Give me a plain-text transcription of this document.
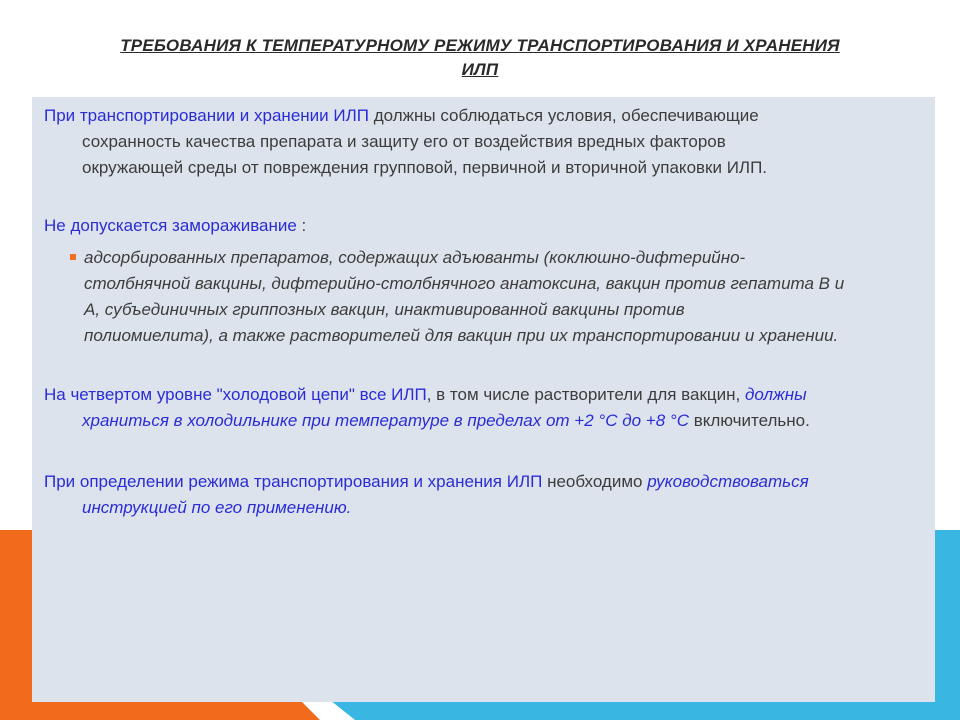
ТРЕБОВАНИЯ К ТЕМПЕРАТУРНОМУ РЕЖИМУ ТРАНСПОРТИРОВАНИЯ И ХРАНЕНИЯ
ИЛП
При транспортировании и хранении ИЛП должны соблюдаться условия, обеспечивающие
сохранность качества препарата и защиту его от воздействия вредных факторов
окружающей среды от повреждения групповой, первичной и вторичной упаковки ИЛП.
Не допускается замораживание :
адсорбированных препаратов, содержащих адъюванты (коклюшно-дифтерийно-
столбнячной вакцины, дифтерийно-столбнячного анатоксина, вакцин против гепатита В и
А, субъединичных гриппозных вакцин, инактивированной вакцины против
полиомиелита), а также растворителей для вакцин при их транспортировании и хранении.
На четвертом уровне "холодовой цепи" все ИЛП, в том числе растворители для вакцин, должны
храниться в холодильнике при температуре в пределах от +2 °С до +8 °С включительно.
При определении режима транспортирования и хранения ИЛП необходимо руководствоваться
инструкцией по его применению.
